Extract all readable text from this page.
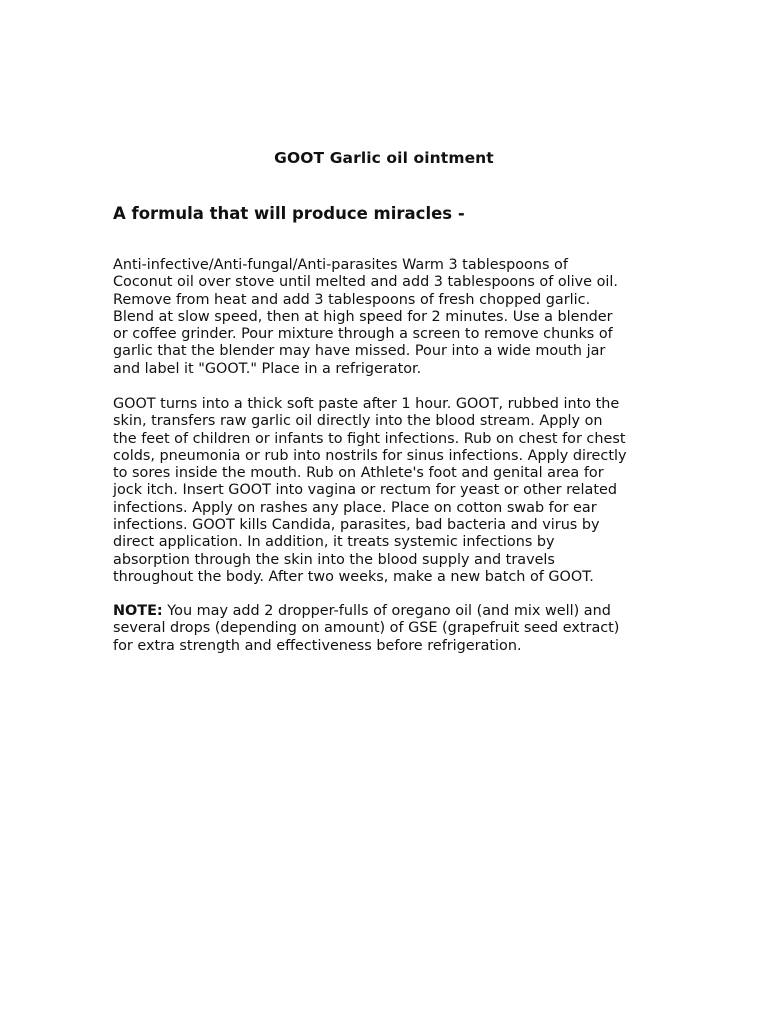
GOOT Garlic oil ointment
A formula that will produce miracles -

Anti-infective/Anti-fungal/Anti-parasites Warm 3 tablespoons of
Coconut oil over stove until melted and add 3 tablespoons of olive oil.
Remove from heat and add 3 tablespoons of fresh chopped garlic.
Blend at slow speed, then at high speed for 2 minutes. Use a blender
or coffee grinder. Pour mixture through a screen to remove chunks of
garlic that the blender may have missed. Pour into a wide mouth jar
and label it "GOOT." Place in a refrigerator.

GOOT turns into a thick soft paste after 1 hour. GOOT, rubbed into the
skin, transfers raw garlic oil directly into the blood stream. Apply on
the feet of children or infants to fight infections. Rub on chest for chest
colds, pneumonia or rub into nostrils for sinus infections. Apply directly
to sores inside the mouth. Rub on Athlete's foot and genital area for
jock itch. Insert GOOT into vagina or rectum for yeast or other related
infections. Apply on rashes any place. Place on cotton swab for ear
infections. GOOT kills Candida, parasites, bad bacteria and virus by
direct application. In addition, it treats systemic infections by
absorption through the skin into the blood supply and travels
throughout the body. After two weeks, make a new batch of GOOT.

NOTE: You may add 2 dropper-fulls of oregano oil (and mix well) and
several drops (depending on amount) of GSE (grapefruit seed extract)
for extra strength and effectiveness before refrigeration.
